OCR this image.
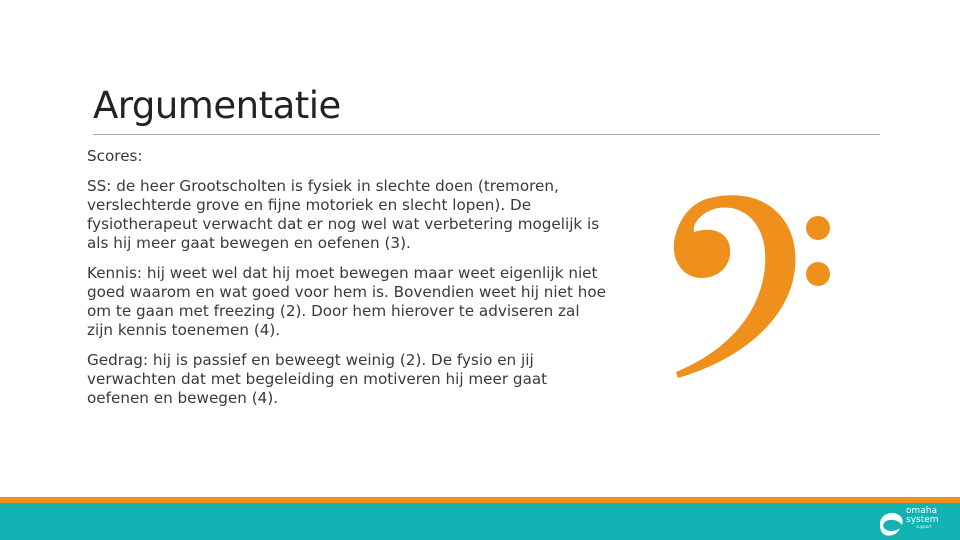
Argumentatie

Scores:

SS: de heer Grootscholten is fysiek in slechte doen (tremoren, verslechterde grove en fijne motoriek en slecht lopen). De fysiotherapeut verwacht dat er nog wel wat verbetering mogelijk is als hij meer gaat bewegen en oefenen (3).

Kennis: hij weet wel dat hij moet bewegen maar weet eigenlijk niet goed waarom en wat goed voor hem is. Bovendien weet hij niet hoe om te gaan met freezing (2). Door hem hierover te adviseren zal zijn kennis toenemen (4).

Gedrag: hij is passief en beweegt weinig (2). De fysio en jij verwachten dat met begeleiding en motiveren hij meer gaat oefenen en bewegen (4).

omaha
system
support
